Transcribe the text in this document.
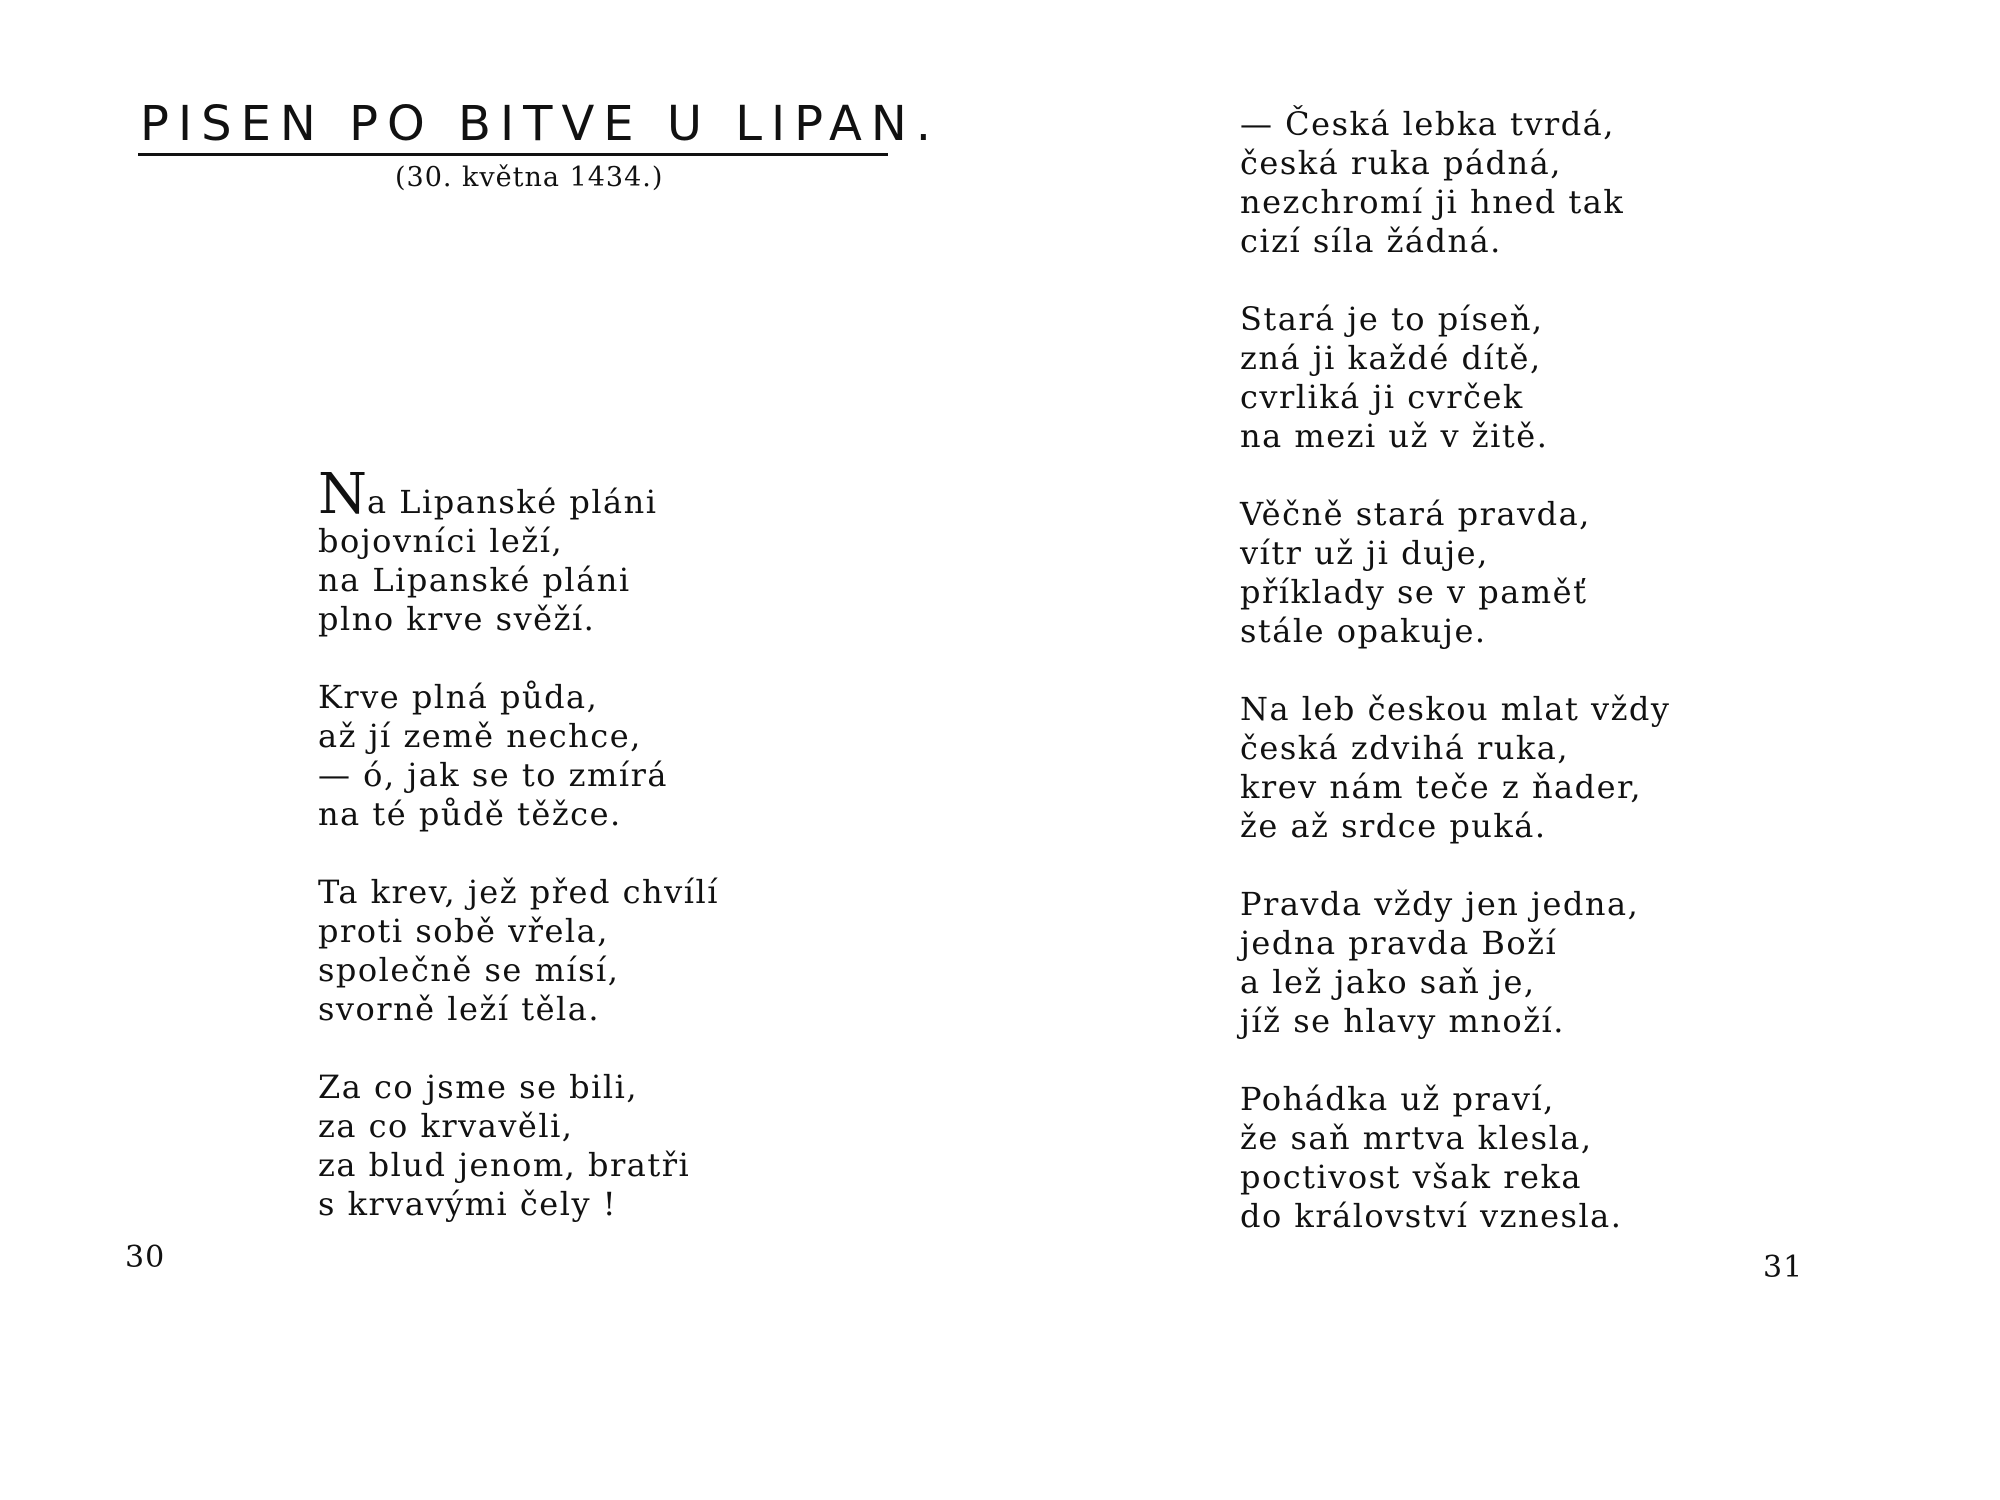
PISEN PO BITVE U LIPAN.
(30. května 1434.)
Na Lipanské pláni
bojovníci leží,
na Lipanské pláni
plno krve svěží.
Krve plná půda,
až jí země nechce,
— ó, jak se to zmírá
na té půdě těžce.
Ta krev, jež před chvílí
proti sobě vřela,
společně se mísí,
svorně leží těla.
Za co jsme se bili,
za co krvavěli,
za blud jenom, bratři
s krvavými čely !
30
— Česká lebka tvrdá,
česká ruka pádná,
nezchromí ji hned tak
cizí síla žádná.
Stará je to píseň,
zná ji každé dítě,
cvrliká ji cvrček
na mezi už v žitě.
Věčně stará pravda,
vítr už ji duje,
příklady se v paměť
stále opakuje.
Na leb českou mlat vždy
česká zdvihá ruka,
krev nám teče z ňader,
že až srdce puká.
Pravda vždy jen jedna,
jedna pravda Boží
a lež jako saň je,
jíž se hlavy množí.
Pohádka už praví,
že saň mrtva klesla,
poctivost však reka
do království vznesla.
31
